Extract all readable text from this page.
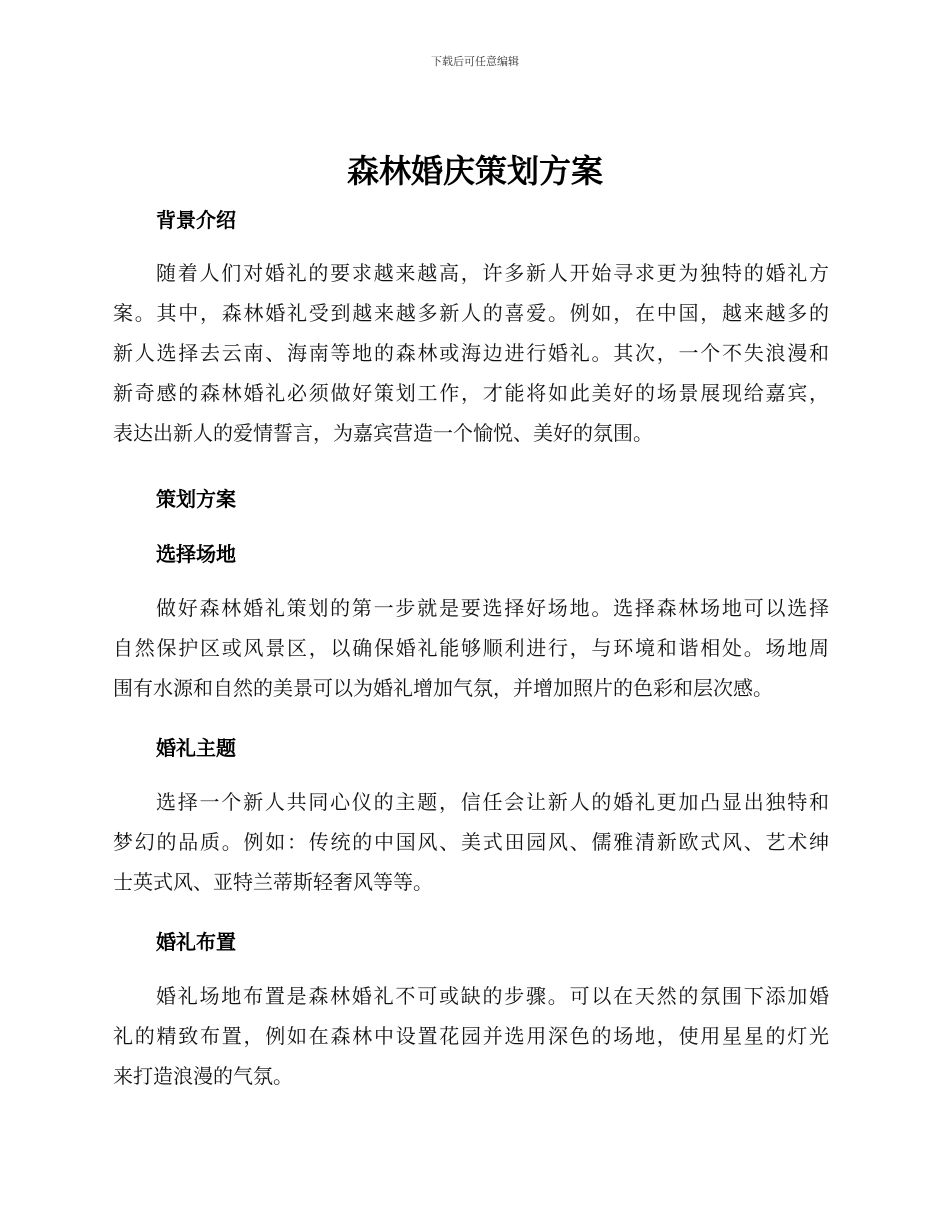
下载后可任意编辑
森林婚庆策划方案
背景介绍
随着人们对婚礼的要求越来越高，许多新人开始寻求更为独特的婚礼方
案。其中，森林婚礼受到越来越多新人的喜爱。例如，在中国，越来越多的
新人选择去云南、海南等地的森林或海边进行婚礼。其次，一个不失浪漫和
新奇感的森林婚礼必须做好策划工作，才能将如此美好的场景展现给嘉宾，
表达出新人的爱情誓言，为嘉宾营造一个愉悦、美好的氛围。
策划方案
选择场地
做好森林婚礼策划的第一步就是要选择好场地。选择森林场地可以选择
自然保护区或风景区，以确保婚礼能够顺利进行，与环境和谐相处。场地周
围有水源和自然的美景可以为婚礼增加气氛，并增加照片的色彩和层次感。
婚礼主题
选择一个新人共同心仪的主题，信任会让新人的婚礼更加凸显出独特和
梦幻的品质。例如：传统的中国风、美式田园风、儒雅清新欧式风、艺术绅
士英式风、亚特兰蒂斯轻奢风等等。
婚礼布置
婚礼场地布置是森林婚礼不可或缺的步骤。可以在天然的氛围下添加婚
礼的精致布置，例如在森林中设置花园并选用深色的场地，使用星星的灯光
来打造浪漫的气氛。
